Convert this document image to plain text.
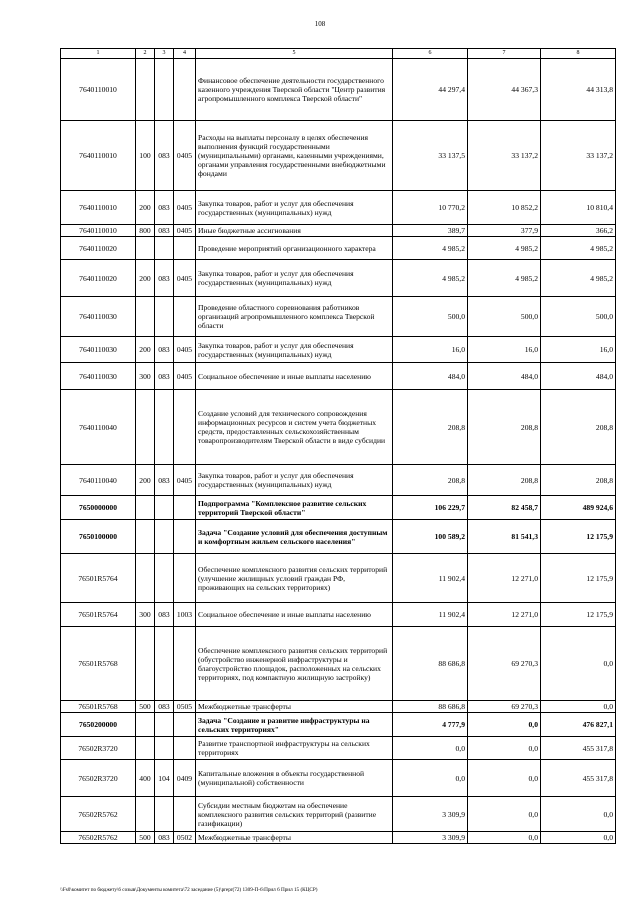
108
1	2	3	4	5	6	7	8
7640110010				Финансовое обеспечение деятельности государственного казенного учреждения Тверской области "Центр развития агропромышленного комплекса Тверской области"	44 297,4	44 367,3	44 313,8
7640110010	100	083	0405	Расходы на выплаты персоналу в целях обеспечения выполнения функций государственными (муниципальными) органами, казенными учреждениями, органами управления государственными внебюджетными фондами	33 137,5	33 137,2	33 137,2
7640110010	200	083	0405	Закупка товаров, работ и услуг для обеспечения государственных (муниципальных) нужд	10 770,2	10 852,2	10 810,4
7640110010	800	083	0405	Иные бюджетные ассигнования	389,7	377,9	366,2
7640110020				Проведение мероприятий организационного характера	4 985,2	4 985,2	4 985,2
7640110020	200	083	0405	Закупка товаров, работ и услуг для обеспечения государственных (муниципальных) нужд	4 985,2	4 985,2	4 985,2
7640110030				Проведение областного соревнования работников организаций агропромышленного комплекса Тверской области	500,0	500,0	500,0
7640110030	200	083	0405	Закупка товаров, работ и услуг для обеспечения государственных (муниципальных) нужд	16,0	16,0	16,0
7640110030	300	083	0405	Социальное обеспечение и иные выплаты населению	484,0	484,0	484,0
7640110040				Создание условий для технического сопровождения информационных ресурсов и систем учета бюджетных средств, предоставленных сельскохозяйственным товаропроизводителям Тверской области в виде субсидии	208,8	208,8	208,8
7640110040	200	083	0405	Закупка товаров, работ и услуг для обеспечения государственных (муниципальных) нужд	208,8	208,8	208,8
7650000000				Подпрограмма "Комплексное развитие сельских территорий Тверской области"	106 229,7	82 458,7	489 924,6
7650100000				Задача "Создание условий для обеспечения доступным и комфортным жильем сельского населения"	100 589,2	81 541,3	12 175,9
76501R5764				Обеспечение комплексного развития сельских территорий (улучшение жилищных условий граждан РФ, проживающих на сельских территориях)	11 902,4	12 271,0	12 175,9
76501R5764	300	083	1003	Социальное обеспечение и иные выплаты населению	11 902,4	12 271,0	12 175,9
76501R5768				Обеспечение комплексного развития сельских территорий (обустройство инженерной инфраструктуры и благоустройство площадок, расположенных на сельских территориях, под компактную жилищную застройку)	88 686,8	69 270,3	0,0
76501R5768	500	083	0505	Межбюджетные трансферты	88 686,8	69 270,3	0,0
7650200000				Задача "Создание и развитие инфраструктуры на сельских территориях"	4 777,9	0,0	476 827,1
76502R3720				Развитие транспортной инфраструктуры на сельских территориях	0,0	0,0	455 317,8
76502R3720	400	104	0409	Капитальные вложения в объекты государственной (муниципальной) собственности	0,0	0,0	455 317,8
76502R5762				Субсидии местным бюджетам на обеспечение комплексного развития сельских территорий (развитие газификации)	3 309,9	0,0	0,0
76502R5762	500	083	0502	Межбюджетные трансферты	3 309,9	0,0	0,0
\\Fs0\комитет по бюджету\6 созыв\Документы комитета\72 заседание (5)\prepr(72) 1309-П-6\Прил 6 Прил 15 (КЦСР)
